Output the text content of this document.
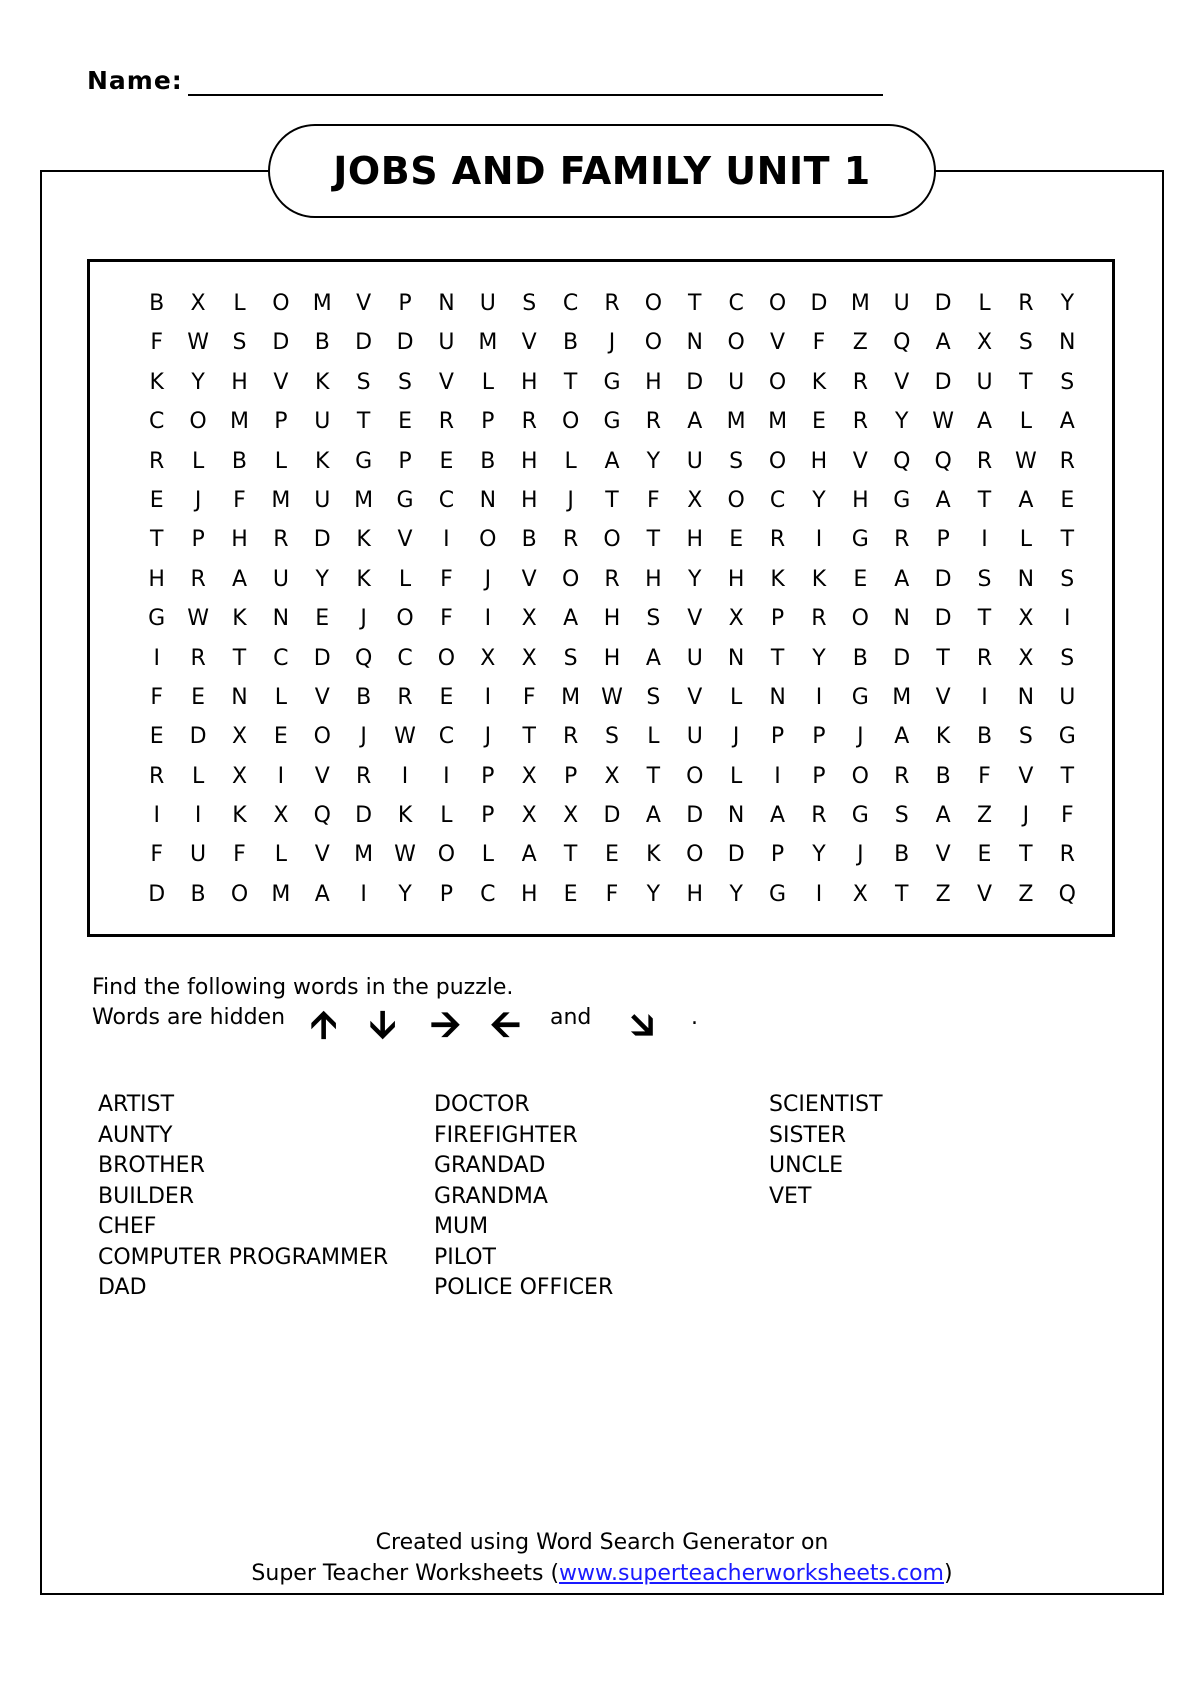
Name:
JOBS AND FAMILY UNIT 1
B	X	L	O	M	V	P	N	U	S	C	R	O	T	C	O	D	M	U	D	L	R	Y
F	W	S	D	B	D	D	U	M	V	B	J	O	N	O	V	F	Z	Q	A	X	S	N
K	Y	H	V	K	S	S	V	L	H	T	G	H	D	U	O	K	R	V	D	U	T	S
C	O	M	P	U	T	E	R	P	R	O	G	R	A	M	M	E	R	Y	W	A	L	A
R	L	B	L	K	G	P	E	B	H	L	A	Y	U	S	O	H	V	Q	Q	R	W	R
E	J	F	M	U	M	G	C	N	H	J	T	F	X	O	C	Y	H	G	A	T	A	E
T	P	H	R	D	K	V	I	O	B	R	O	T	H	E	R	I	G	R	P	I	L	T
H	R	A	U	Y	K	L	F	J	V	O	R	H	Y	H	K	K	E	A	D	S	N	S
G W	K	N	E	J	O	F	I	X	A	H	S	V	X	P	R	O	N	D	T	X	I
I	R	T	C	D	Q	C	O	X	X	S	H	A	U	N	T	Y	B	D	T	R	X	S
F	E	N	L	V	B	R	E	I	F	M W	S	V	L	N	I	G	M	V	I	N	U
E	D	X	E	O	J	W	C	J	T	R	S	L	U	J	P	P	J	A	K	B	S	G
R	L	X	I	V	R	I	I	P	X	P	X	T	O	L	I	P	O	R	B	F	V	T
I	I	K	X	Q	D	K	L	P	X	X	D	A	D	N	A	R	G	S	A	Z	J	F
F	U	F	L	V	M W O	L	A	T	E	K	O	D	P	Y	J	B	V	E	T	R
D	B	O	M	A	I	Y	P	C	H	E	F	Y	H	Y	G	I	X	T	Z	V	Z	Q
Find the following words in the puzzle.
Words are hidden 🡩 🡫 🡪 🡨 and 🡮 .
ARTIST
AUNTY
BROTHER
BUILDER
CHEF
COMPUTER PROGRAMMER
DAD
DOCTOR
FIREFIGHTER
GRANDAD
GRANDMA
MUM
PILOT
POLICE OFFICER
SCIENTIST
SISTER
UNCLE
VET
Created using Word Search Generator on
Super Teacher Worksheets (www.superteacherworksheets.com)
